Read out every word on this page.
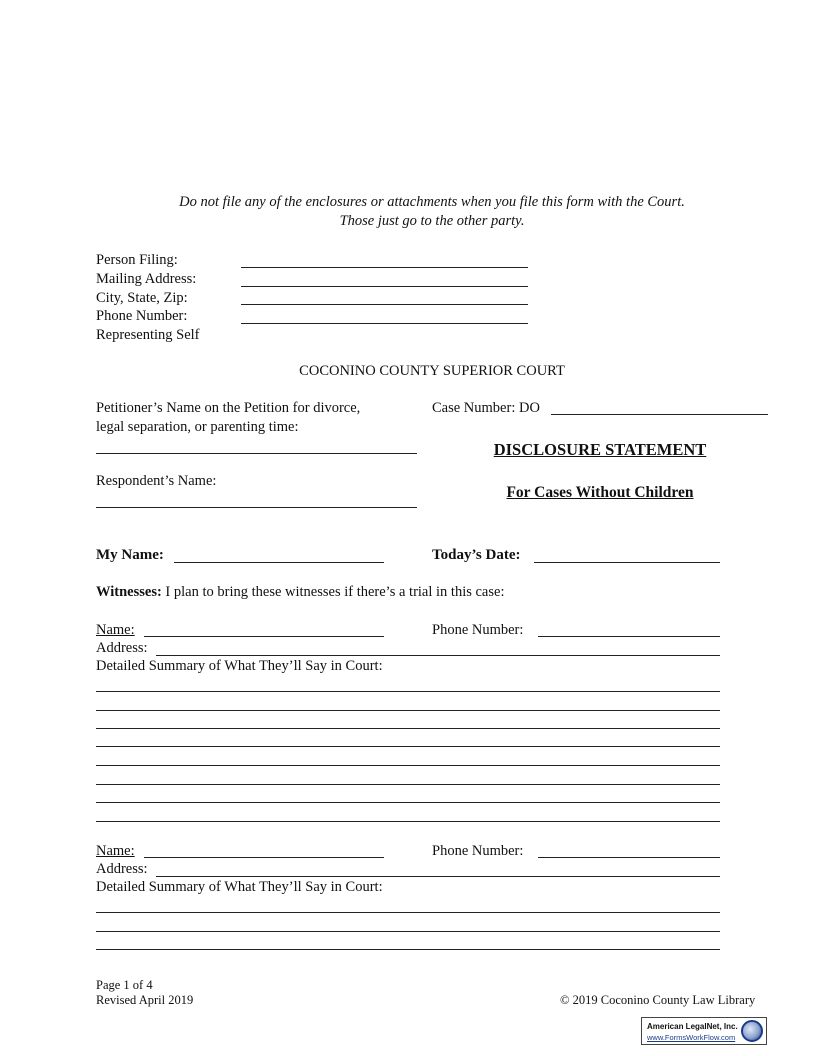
Do not file any of the enclosures or attachments when you file this form with the Court.
Those just go to the other party.
Person Filing:
Mailing Address:
City, State, Zip:
Phone Number:
Representing Self
COCONINO COUNTY SUPERIOR COURT
Petitioner’s Name on the Petition for divorce,
legal separation, or parenting time:
Respondent’s Name:
Case Number: DO
DISCLOSURE STATEMENT
For Cases Without Children
My Name:	Today’s Date:
Witnesses: I plan to bring these witnesses if there’s a trial in this case:
Name:	Phone Number:
Address:
Detailed Summary of What They’ll Say in Court:
Name:	Phone Number:
Address:
Detailed Summary of What They’ll Say in Court:
Page 1 of 4
Revised April 2019	© 2019 Coconino County Law Library
American LegalNet, Inc.
www.FormsWorkFlow.com
